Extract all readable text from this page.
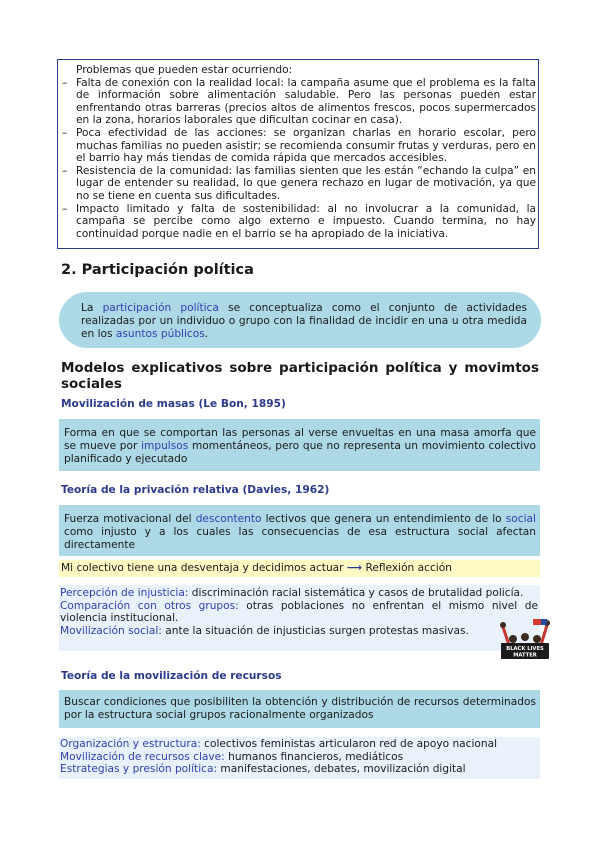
Problemas que pueden estar ocurriendo:
– Falta de conexión con la realidad local: la campaña asume que el problema es la falta de información sobre alimentación saludable. Pero las personas pueden estar enfrentando otras barreras (precios altos de alimentos frescos, pocos supermercados en la zona, horarios laborales que dificultan cocinar en casa).
– Poca efectividad de las acciones: se organizan charlas en horario escolar, pero muchas familias no pueden asistir; se recomienda consumir frutas y verduras, pero en el barrio hay más tiendas de comida rápida que mercados accesibles.
– Resistencia de la comunidad: las familias sienten que les están “echando la culpa” en lugar de entender su realidad, lo que genera rechazo en lugar de motivación, ya que no se tiene en cuenta sus dificultades.
– Impacto limitado y falta de sostenibilidad: al no involucrar a la comunidad, la campaña se percibe como algo externo e impuesto. Cuando termina, no hay continuidad porque nadie en el barrio se ha apropiado de la iniciativa.
2. Participación política
La participación política se conceptualiza como el conjunto de actividades realizadas por un individuo o grupo con la finalidad de incidir en una u otra medida en los asuntos públicos.
Modelos explicativos sobre participación política y movimtos sociales
Movilización de masas (Le Bon, 1895)
Forma en que se comportan las personas al verse envueltas en una masa amorfa que se mueve por impulsos momentáneos, pero que no representa un movimiento colectivo planificado y ejecutado
Teoría de la privación relativa (Davies, 1962)
Fuerza motivacional del descontento lectivos que genera un entendimiento de lo social como injusto y a los cuales las consecuencias de esa estructura social afectan directamente
Mi colectivo tiene una desventaja y decidimos actuar ⟶ Reflexión acción
Percepción de injusticia: discriminación racial sistemática y casos de brutalidad policía.
Comparación con otros grupos: otras poblaciones no enfrentan el mismo nivel de violencia institucional.
Movilización social: ante la situación de injusticias surgen protestas masivas.
BLACK LIVES
MATTER
Teoría de la movilización de recursos
Buscar condiciones que posibiliten la obtención y distribución de recursos determinados por la estructura social grupos racionalmente organizados
Organización y estructura: colectivos feministas articularon red de apoyo nacional
Movilización de recursos clave: humanos financieros, mediáticos
Estrategias y presión política: manifestaciones, debates, movilización digital
